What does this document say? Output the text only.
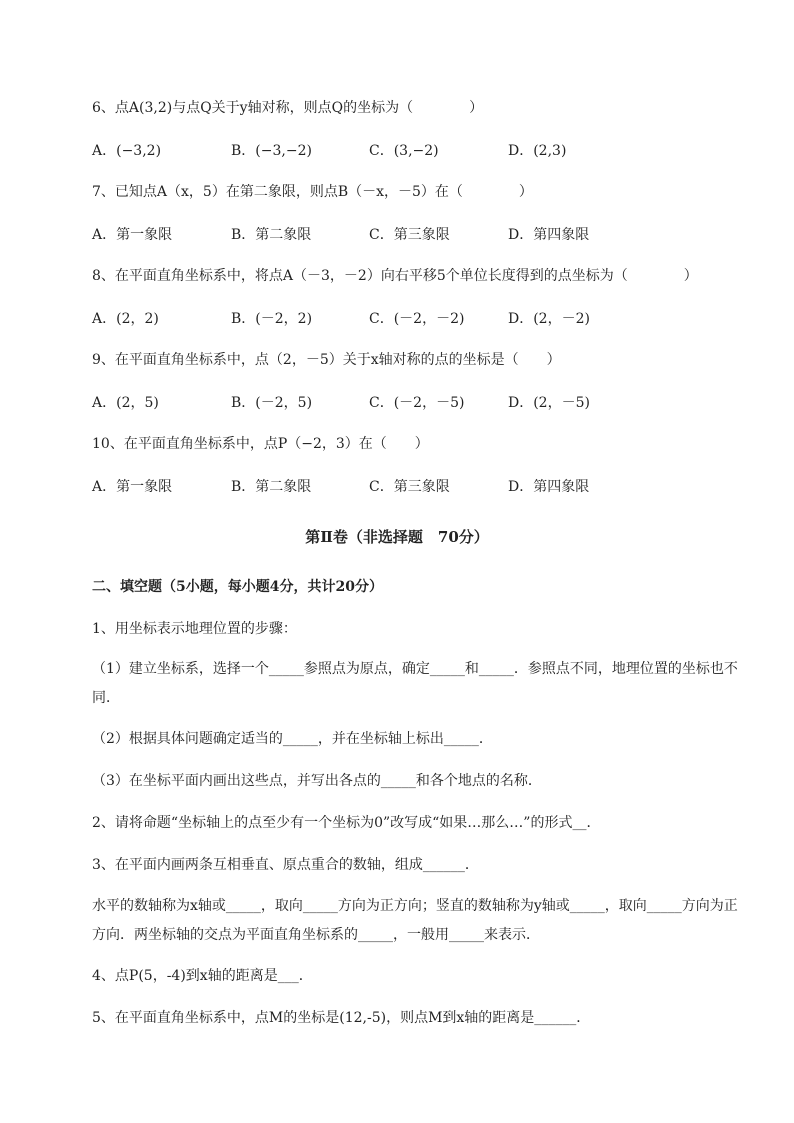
6、点A(3,2)与点Q关于y轴对称，则点Q的坐标为（　　　　）
A．(−3,2)	B．(−3,−2)	C．(3,−2)	D．(2,3)
7、已知点A（x，5）在第二象限，则点B（－x，－5）在（　　　　）
A．第一象限	B．第二象限	C．第三象限	D．第四象限
8、在平面直角坐标系中，将点A（－3，－2）向右平移5个单位长度得到的点坐标为（　　　　）
A．(2，2)	B．(－2，2)	C．(－2，－2)	D．(2，－2)
9、在平面直角坐标系中，点（2，－5）关于x轴对称的点的坐标是（　　）
A．(2，5)	B．(－2，5)	C．(－2，－5)	D．(2，－5)
10、在平面直角坐标系中，点P（−2，3）在（　　）
A．第一象限	B．第二象限	C．第三象限	D．第四象限
第Ⅱ卷（非选择题　70分）
二、填空题（5小题，每小题4分，共计20分）
1、用坐标表示地理位置的步骤：
（1）建立坐标系，选择一个_____参照点为原点，确定_____和_____．参照点不同，地理位置的坐标也不同．
（2）根据具体问题确定适当的_____，并在坐标轴上标出_____．
（3）在坐标平面内画出这些点，并写出各点的_____和各个地点的名称．
2、请将命题“坐标轴上的点至少有一个坐标为0”改写成“如果…那么…”的形式__．
3、在平面内画两条互相垂直、原点重合的数轴，组成______．
水平的数轴称为x轴或_____，取向_____方向为正方向；竖直的数轴称为y轴或_____，取向_____方向为正方向．两坐标轴的交点为平面直角坐标系的_____，一般用_____来表示．
4、点P(5，-4)到x轴的距离是___．
5、在平面直角坐标系中，点M的坐标是(12,-5)，则点M到x轴的距离是______．
